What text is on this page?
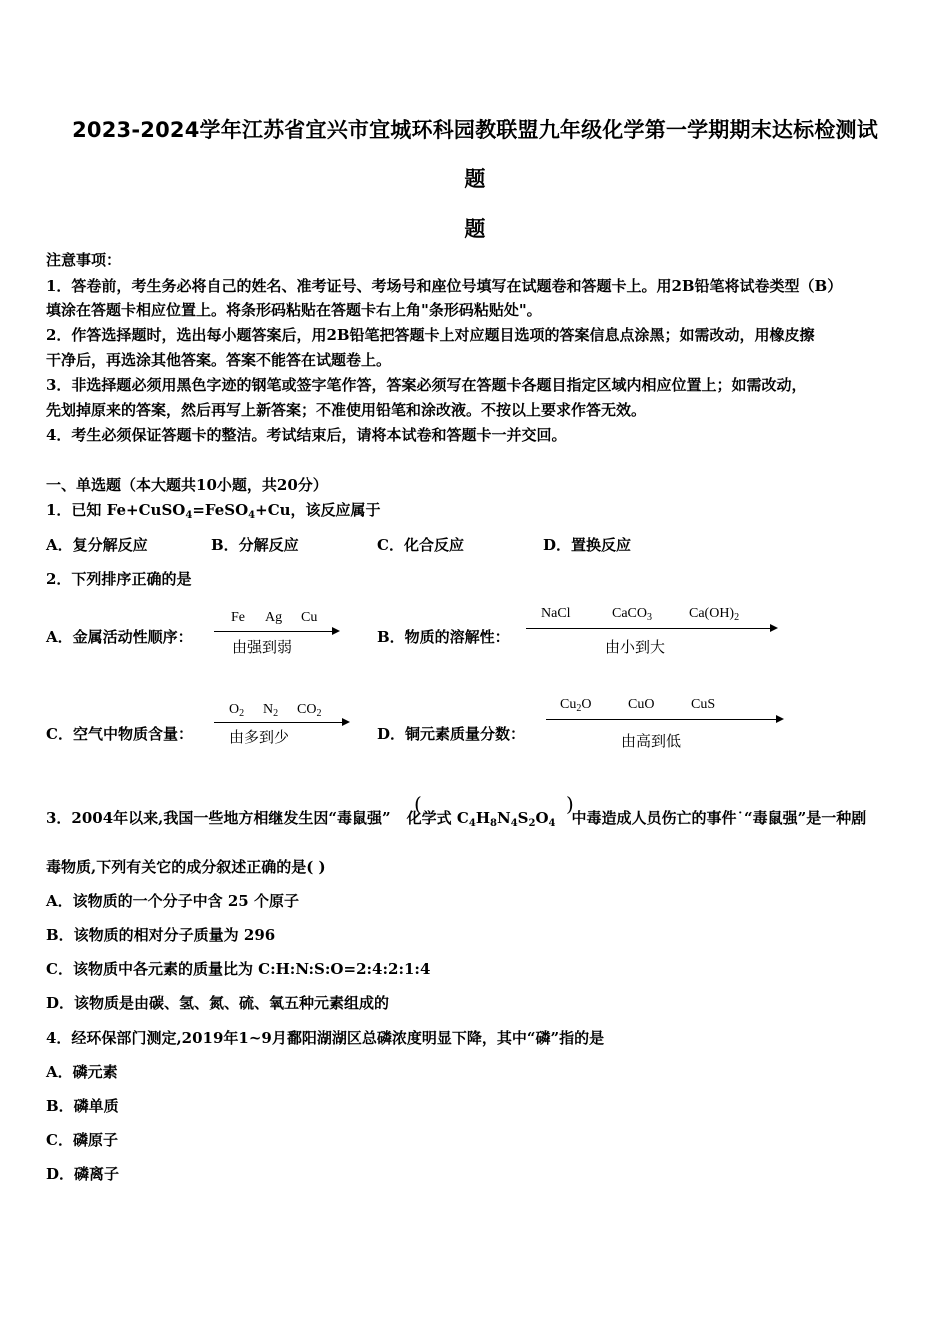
2023-2024学年江苏省宜兴市宜城环科园教联盟九年级化学第一学期期末达标检测试
题
题
注意事项：
1．答卷前，考生务必将自己的姓名、准考证号、考场号和座位号填写在试题卷和答题卡上。用2B铅笔将试卷类型（B）
填涂在答题卡相应位置上。将条形码粘贴在答题卡右上角"条形码粘贴处"。
2．作答选择题时，选出每小题答案后，用2B铅笔把答题卡上对应题目选项的答案信息点涂黑；如需改动，用橡皮擦
干净后，再选涂其他答案。答案不能答在试题卷上。
3．非选择题必须用黑色字迹的钢笔或签字笔作答，答案必须写在答题卡各题目指定区域内相应位置上；如需改动，
先划掉原来的答案，然后再写上新答案；不准使用铅笔和涂改液。不按以上要求作答无效。
4．考生必须保证答题卡的整洁。考试结束后，请将本试卷和答题卡一并交回。
一、单选题（本大题共10小题，共20分）
1．已知 Fe+CuSO$_4$=FeSO$_4$+Cu，该反应属于
A．复分解反应	B．分解反应	C．化合反应	D．置换反应
2．下列排序正确的是
A．金属活动性顺序：
Fe Ag Cu
由强到弱
B．物质的溶解性：
NaCl	CaCO$_3$	$Ca(OH)_2$
由小到大
C．空气中物质含量：
$O_2$ $N_2$ $CO_2$
由多到少	D．铜元素质量分数：
$Cu_2O$	CuO	CuS
由高到低
3．2004年以来,我国一些地方相继发生因“毒鼠强” 化学式 $C_4H_8N_4S_2O_4$ 中毒造成人员伤亡的事件˙“毒鼠强”是一种剧
(	)
毒物质,下列有关它的成分叙述正确的是( )
A．该物质的一个分子中含 25 个原子
B．该物质的相对分子质量为 296
C．该物质中各元素的质量比为 C:H:N:S:O=2:4:2:1:4
D．该物质是由碳、氢、氮、硫、氧五种元素组成的
4．经环保部门测定,2019年1~9月鄱阳湖湖区总磷浓度明显下降，其中“磷”指的是
A．磷元素
B．磷单质
C．磷原子
D．磷离子
